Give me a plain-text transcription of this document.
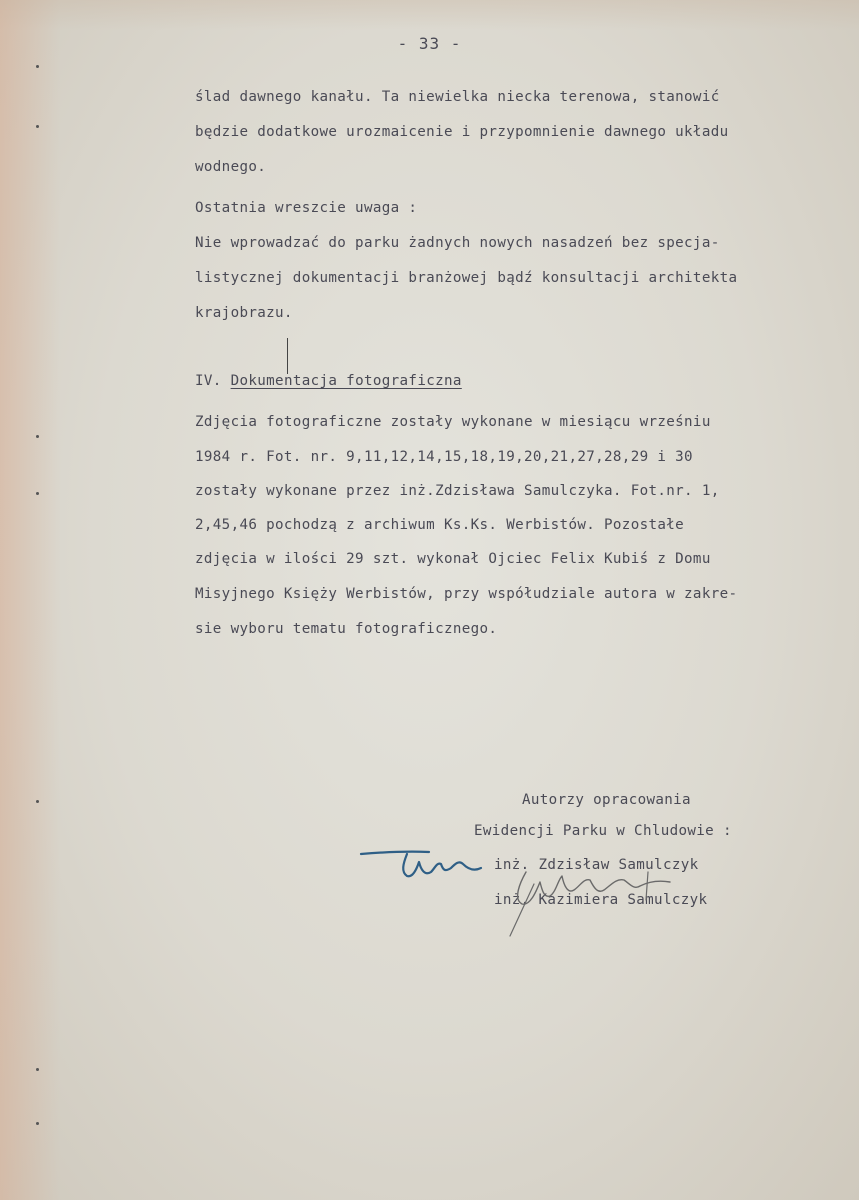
- 33 -
ślad dawnego kanału. Ta niewielka niecka terenowa, stanowić
będzie dodatkowe urozmaicenie i przypomnienie dawnego układu
wodnego.
Ostatnia wreszcie uwaga :
Nie wprowadzać do parku żadnych nowych nasadzeń bez specja-
listycznej dokumentacji branżowej bądź konsultacji architekta
krajobrazu.
IV. Dokumentacja fotograficzna
Zdjęcia fotograficzne zostały wykonane w miesiącu wrześniu
1984 r. Fot. nr. 9,11,12,14,15,18,19,20,21,27,28,29 i 30
zostały wykonane przez inż.Zdzisława Samulczyka. Fot.nr. 1,
2,45,46 pochodzą z archiwum Ks.Ks. Werbistów. Pozostałe
zdjęcia w ilości 29 szt. wykonał Ojciec Felix Kubiś z Domu
Misyjnego Księży Werbistów, przy współudziale autora w zakre-
sie wyboru tematu fotograficznego.
Autorzy opracowania
Ewidencji Parku w Chludowie :
inż. Zdzisław Samulczyk
inż. Kazimiera Samulczyk
